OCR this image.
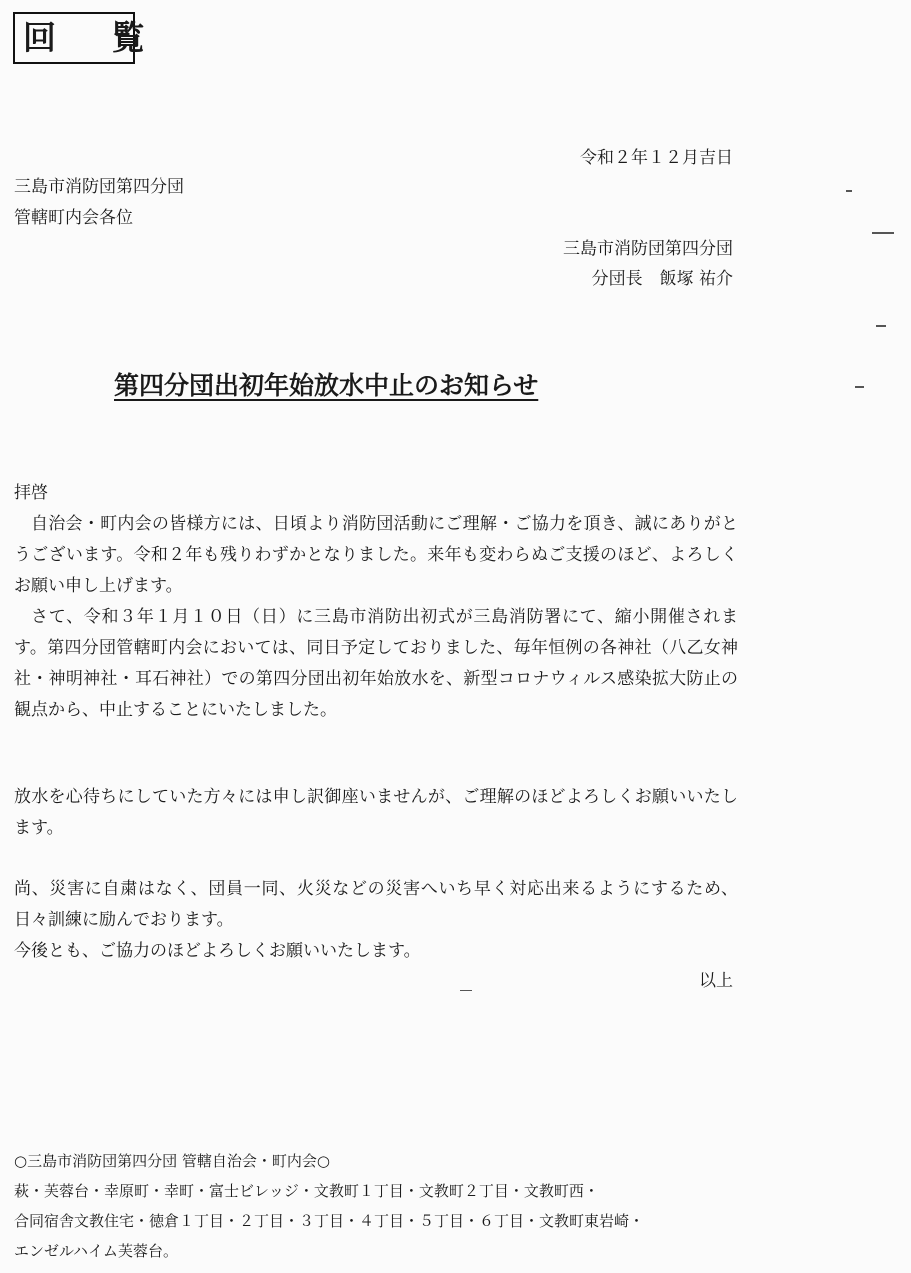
回 覧
令和２年１２月吉日
三島市消防団第四分団
管轄町内会各位
三島市消防団第四分団
分団長　飯塚 祐介
第四分団出初年始放水中止のお知らせ

拝啓

自治会・町内会の皆様方には、日頃より消防団活動にご理解・ご協力を頂き、誠にありがとうございます。令和２年も残りわずかとなりました。来年も変わらぬご支援のほど、よろしくお願い申し上げます。

さて、令和３年１月１０日（日）に三島市消防出初式が三島消防署にて、縮小開催されます。第四分団管轄町内会においては、同日予定しておりました、毎年恒例の各神社（八乙女神社・神明神社・耳石神社）での第四分団出初年始放水を、新型コロナウィルス感染拡大防止の観点から、中止することにいたしました。

放水を心待ちにしていた方々には申し訳御座いませんが、ご理解のほどよろしくお願いいたします。

尚、災害に自粛はなく、団員一同、火災などの災害へいち早く対応出来るようにするため、日々訓練に励んでおります。

今後とも、ご協力のほどよろしくお願いいたします。

以上
○三島市消防団第四分団 管轄自治会・町内会○
萩・芙蓉台・幸原町・幸町・富士ビレッジ・文教町１丁目・文教町２丁目・文教町西・
合同宿舎文教住宅・徳倉１丁目・２丁目・３丁目・４丁目・５丁目・６丁目・文教町東岩崎・
エンゼルハイム芙蓉台。
